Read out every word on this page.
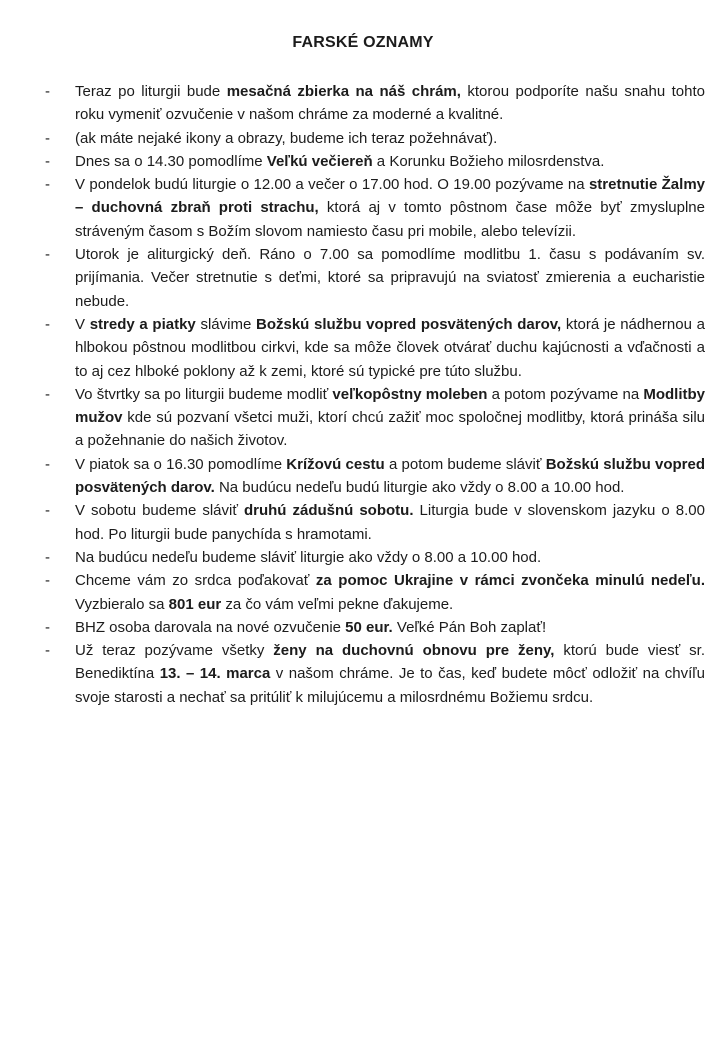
FARSKÉ OZNAMY
-	Teraz po liturgii bude mesačná zbierka na náš chrám, ktorou podporíte našu snahu tohto roku vymeniť ozvučenie v našom chráme za moderné a kvalitné.

-	(ak máte nejaké ikony a obrazy, budeme ich teraz požehnávať).

-	Dnes sa o 14.30 pomodlíme Veľkú večiereň a Korunku Božieho milosrdenstva.

-	V pondelok budú liturgie o 12.00 a večer o 17.00 hod. O 19.00 pozývame na stretnutie Žalmy – duchovná zbraň proti strachu, ktorá aj v tomto pôstnom čase môže byť zmysluplne stráveným časom s Božím slovom namiesto času pri mobile, alebo televízii.

-	Utorok je aliturgický deň. Ráno o 7.00 sa pomodlíme modlitbu 1. času s podávaním sv. prijímania. Večer stretnutie s deťmi, ktoré sa pripravujú na sviatosť zmierenia a eucharistie nebude.

-	V stredy a piatky slávime Božskú službu vopred posvätených darov, ktorá je nádhernou a hlbokou pôstnou modlitbou cirkvi, kde sa môže človek otvárať duchu kajúcnosti a vďačnosti a to aj cez hlboké poklony až k zemi, ktoré sú typické pre túto službu.

-	Vo štvrtky sa po liturgii budeme modliť veľkopôstny moleben a potom pozývame na Modlitby mužov kde sú pozvaní všetci muži, ktorí chcú zažiť moc spoločnej modlitby, ktorá prináša silu a požehnanie do našich životov.

-	V piatok sa o 16.30 pomodlíme Krížovú cestu a potom budeme sláviť Božskú službu vopred posvätených darov. Na budúcu nedeľu budú liturgie ako vždy o 8.00 a 10.00 hod.

-	V sobotu budeme sláviť druhú zádušnú sobotu. Liturgia bude v slovenskom jazyku o 8.00 hod. Po liturgii bude panychída s hramotami.

-	Na budúcu nedeľu budeme sláviť liturgie ako vždy o 8.00 a 10.00 hod.

-	Chceme vám zo srdca poďakovať za pomoc Ukrajine v rámci zvončeka minulú nedeľu. Vyzbieralo sa 801 eur za čo vám veľmi pekne ďakujeme.

-	BHZ osoba darovala na nové ozvučenie 50 eur. Veľké Pán Boh zaplať!

-	Už teraz pozývame všetky ženy na duchovnú obnovu pre ženy, ktorú bude viesť sr. Benediktína 13. – 14. marca v našom chráme. Je to čas, keď budete môcť odložiť na chvíľu svoje starosti a nechať sa pritúliť k milujúcemu a milosrdnému Božiemu srdcu.
